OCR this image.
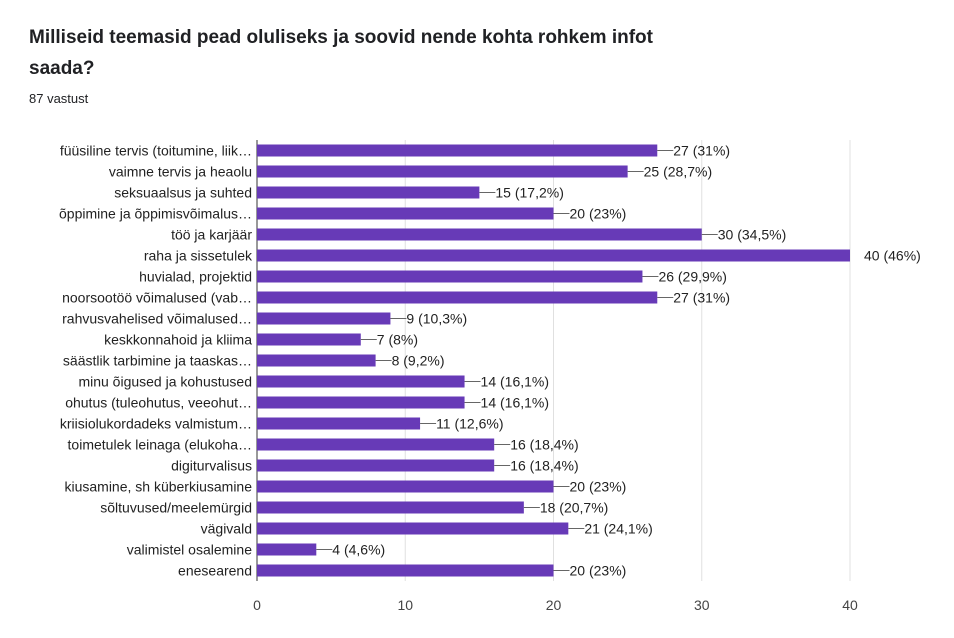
Milliseid teemasid pead oluliseks ja soovid nende kohta rohkem infot saada?

87 vastust

füüsiline tervis (toitumine, liik…	27 (31%)
vaimne tervis ja heaolu	25 (28,7%)
seksuaalsus ja suhted	15 (17,2%)
õppimine ja õppimisvõimalus…	20 (23%)
töö ja karjäär	30 (34,5%)
raha ja sissetulek	40 (46%)
huvialad, projektid	26 (29,9%)
noorsootöö võimalused (vab…	27 (31%)
rahvusvahelised võimalused…	9 (10,3%)
keskkonnahoid ja kliima	7 (8%)
säästlik tarbimine ja taaskas…	8 (9,2%)
minu õigused ja kohustused	14 (16,1%)
ohutus (tuleohutus, veeohut…	14 (16,1%)
kriisiolukordadeks valmistum…	11 (12,6%)
toimetulek leinaga (elukoha…	16 (18,4%)
digiturvalisus	16 (18,4%)
kiusamine, sh küberkiusamine	20 (23%)
sõltuvused/meelemürgid	18 (20,7%)
vägivald	21 (24,1%)
valimistel osalemine	4 (4,6%)
enesearend	20 (23%)
0	10	20	30	40
